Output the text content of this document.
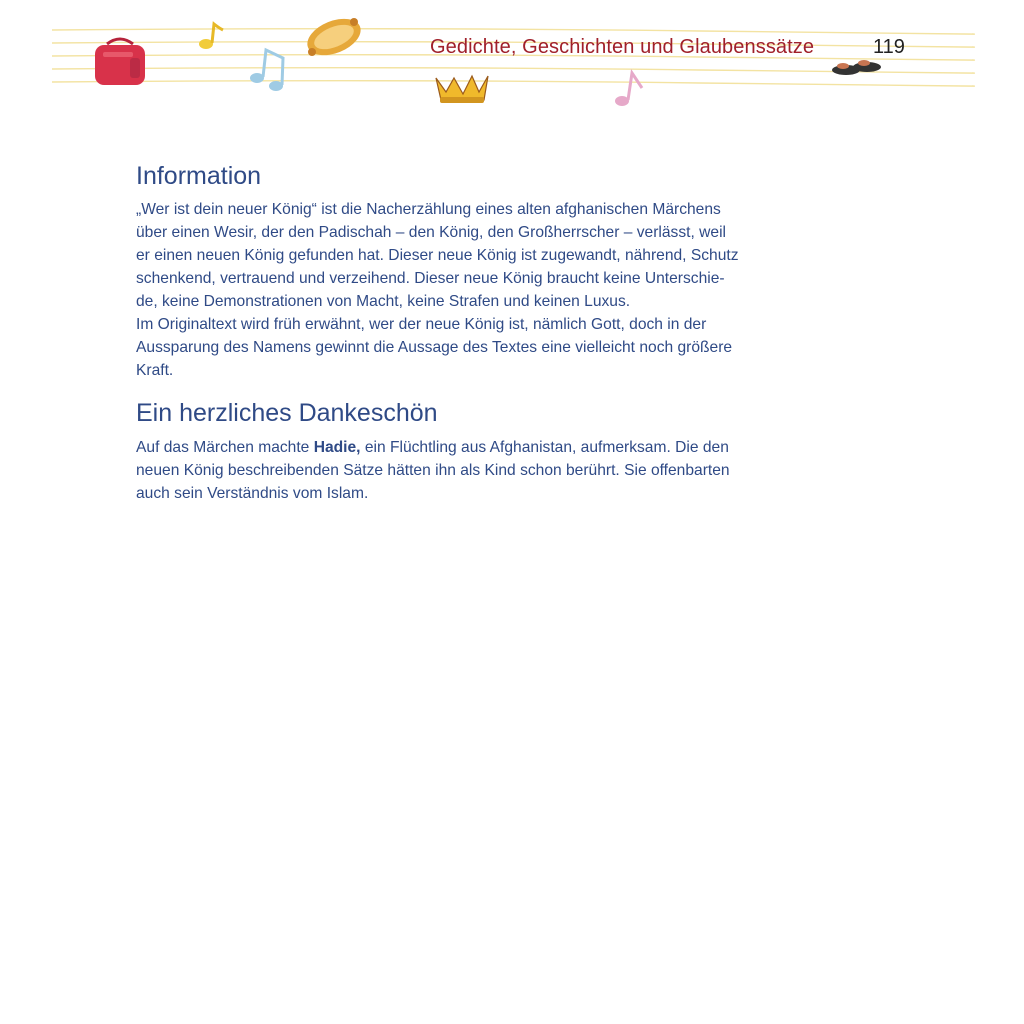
Gedichte, Geschichten und Glaubenssätze	119
Information

„Wer ist dein neuer König“ ist die Nacherzählung eines alten afghanischen Märchens
über einen Wesir, der den Padischah – den König, den Großherrscher – verlässt, weil
er einen neuen König gefunden hat. Dieser neue König ist zugewandt, nährend, Schutz
schenkend, vertrauend und verzeihend. Dieser neue König braucht keine Unterschie-
de, keine Demonstrationen von Macht, keine Strafen und keinen Luxus.
Im Originaltext wird früh erwähnt, wer der neue König ist, nämlich Gott, doch in der
Aussparung des Namens gewinnt die Aussage des Textes eine vielleicht noch größere
Kraft.

Ein herzliches Dankeschön

Auf das Märchen machte Hadie, ein Flüchtling aus Afghanistan, aufmerksam. Die den
neuen König beschreibenden Sätze hätten ihn als Kind schon berührt. Sie offenbarten
auch sein Verständnis vom Islam.
